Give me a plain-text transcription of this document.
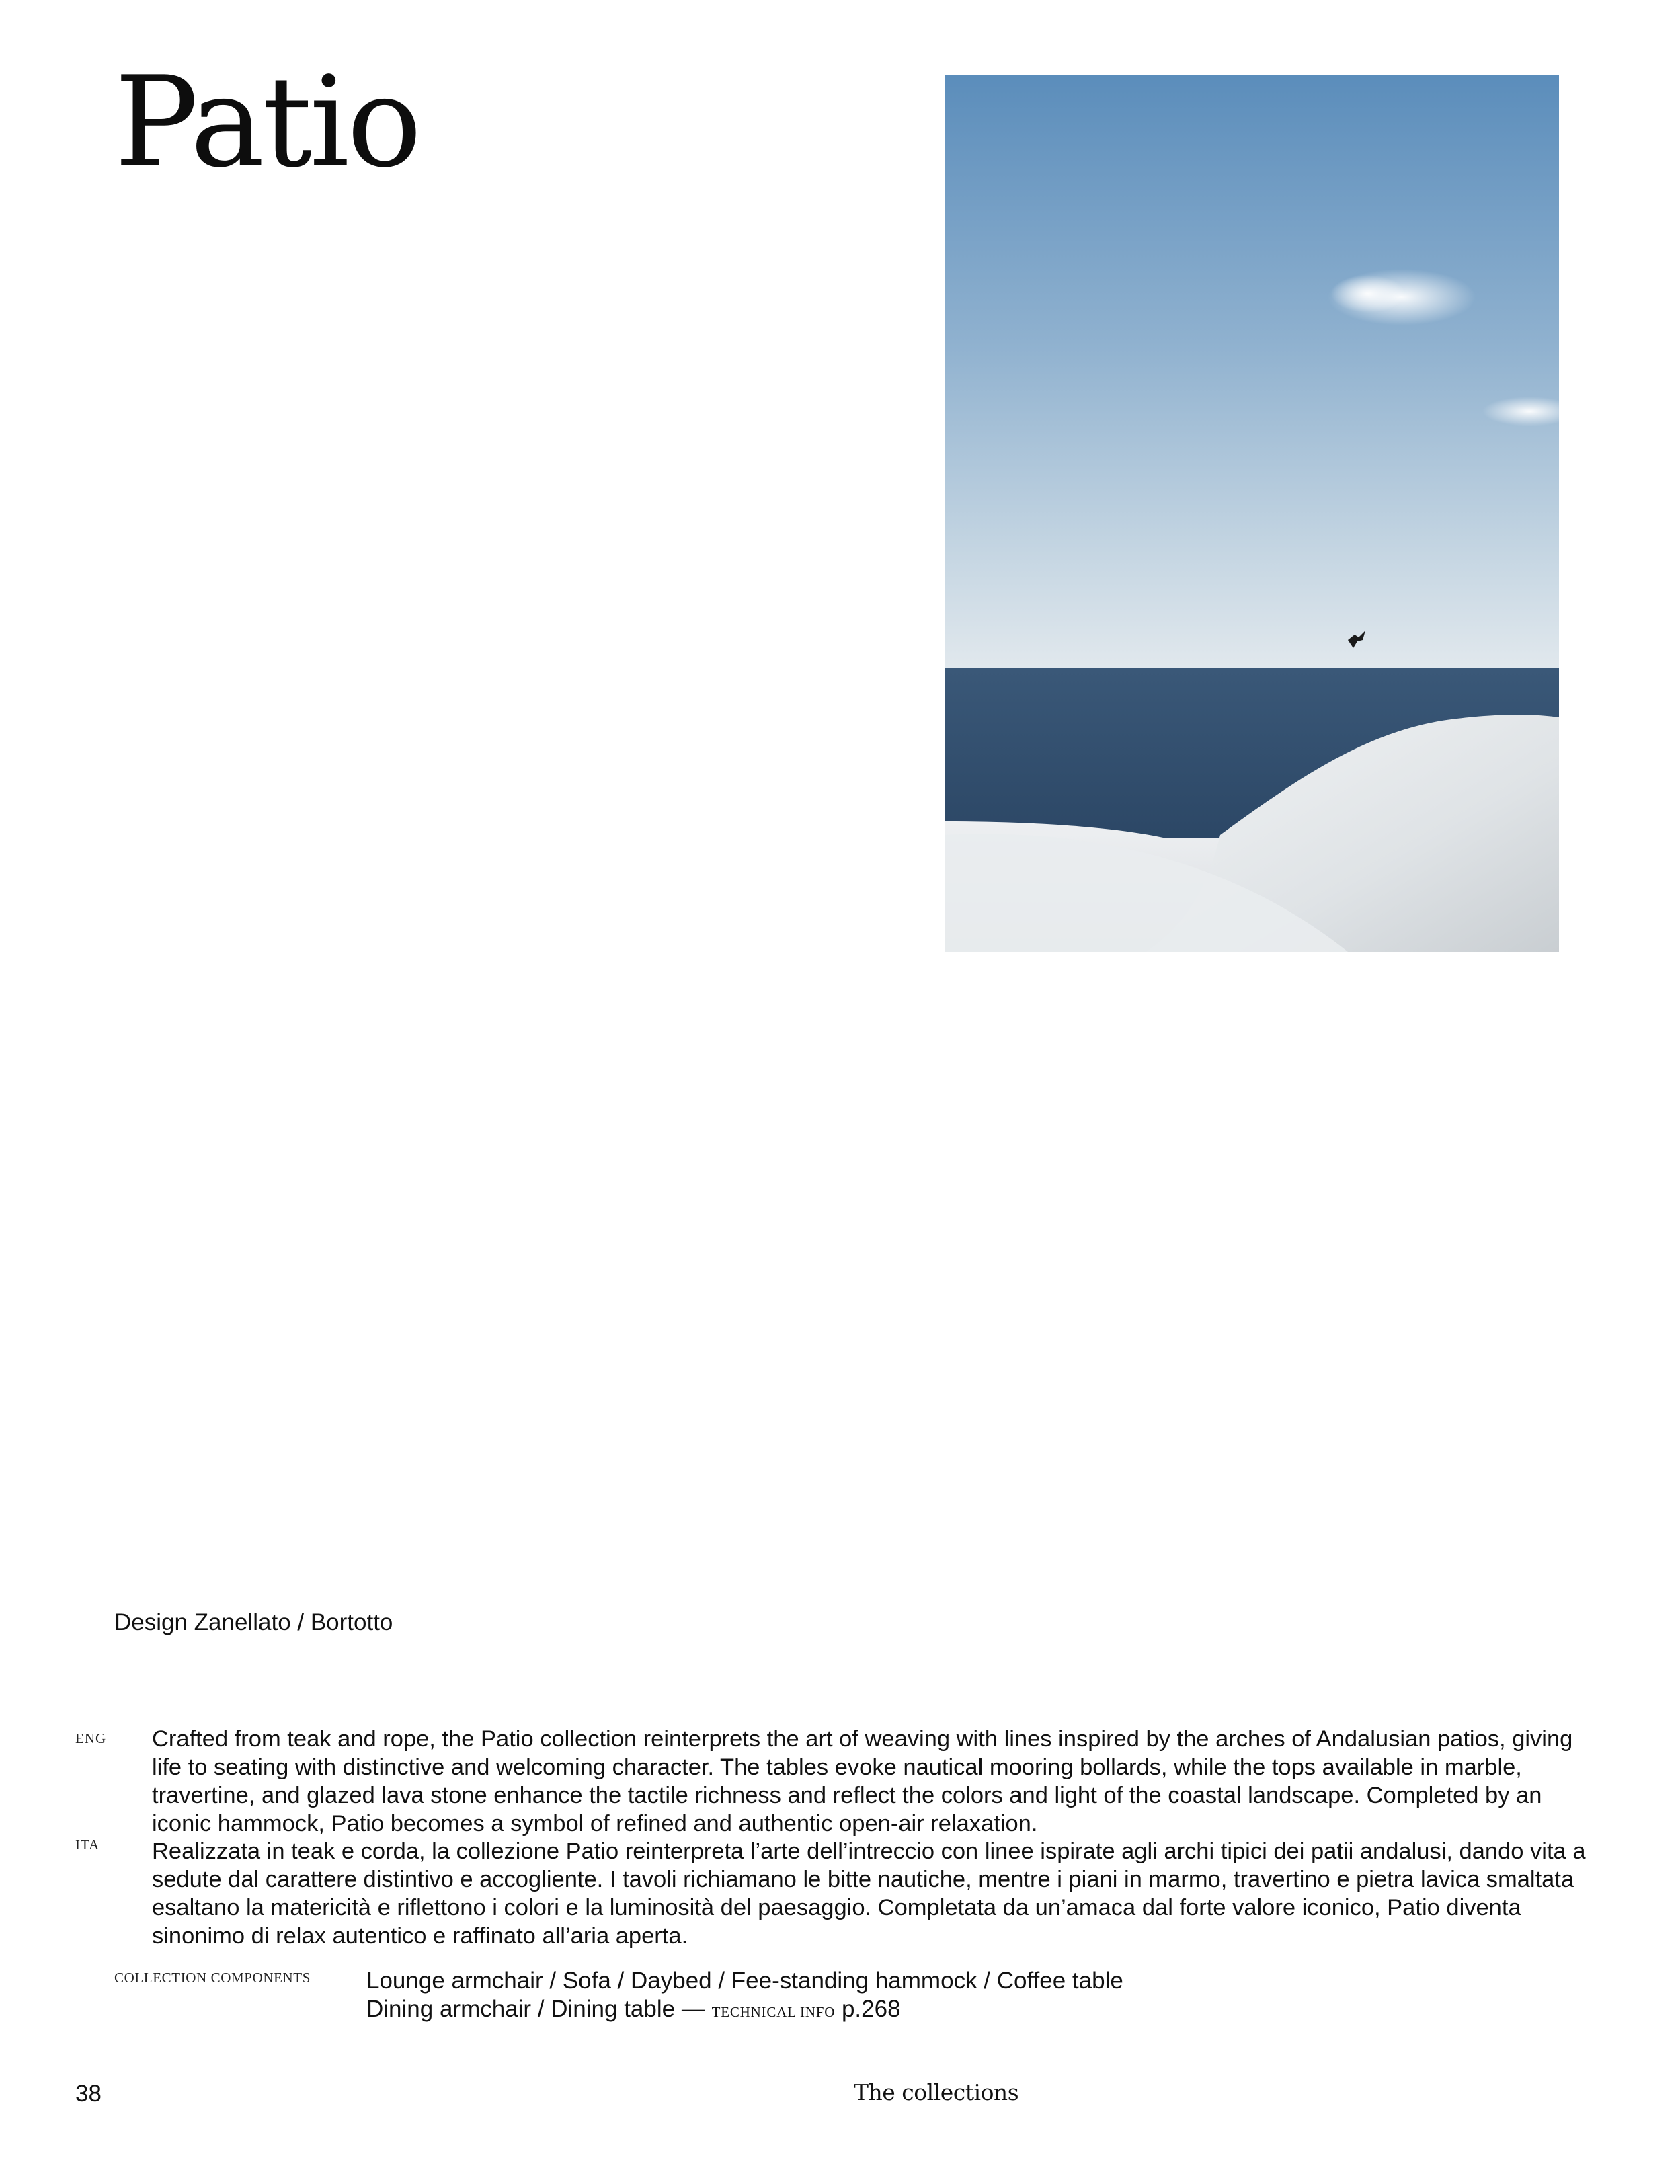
Patio
Design Zanellato / Bortotto
ENG Crafted from teak and rope, the Patio collection reinterprets the art of weaving with lines inspired by the arches of Andalusian patios, giving life to seating with distinctive and welcoming character. The tables evoke nautical mooring bollards, while the tops available in marble, travertine, and glazed lava stone enhance the tactile richness and reflect the colors and light of the coastal landscape. Completed by an iconic hammock, Patio becomes a symbol of refined and authentic open-air relaxation.

ITA Realizzata in teak e corda, la collezione Patio reinterpreta l’arte dell’intreccio con linee ispirate agli archi tipici dei patii andalusi, dando vita a sedute dal carattere distintivo e accogliente. I tavoli richiamano le bitte nautiche, mentre i piani in marmo, travertino e pietra lavica smaltata esaltano la matericità e riflettono i colori e la luminosità del paesaggio. Completata da un’amaca dal forte valore iconico, Patio diventa sinonimo di relax autentico e raffinato all’aria aperta.

COLLECTION COMPONENTS Lounge armchair / Sofa / Daybed / Fee-standing hammock / Coffee table
Dining armchair / Dining table — TECHNICAL INFO p.268
38	The collections
